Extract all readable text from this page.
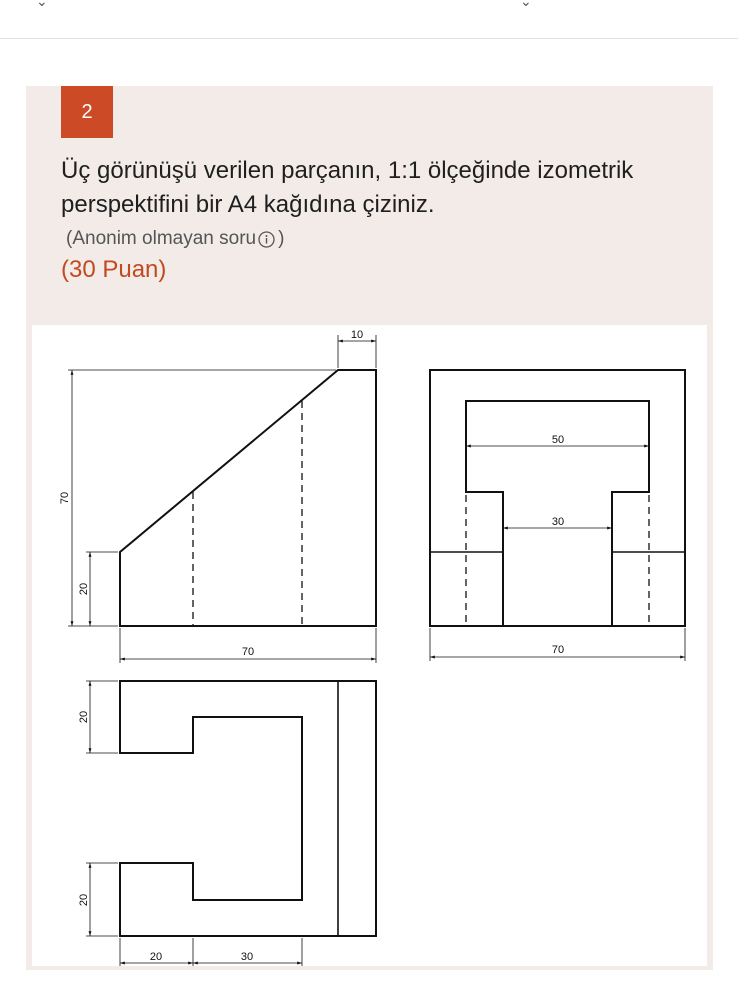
⌄	⌄
2
Üç görünüşü verilen parçanın, 1:1 ölçeğinde izometrik perspektifini bir A4 kağıdına çiziniz.
(Anonim olmayan soru )
(30 Puan)
10
70
20
70
50
30
70
20
20
20	30
